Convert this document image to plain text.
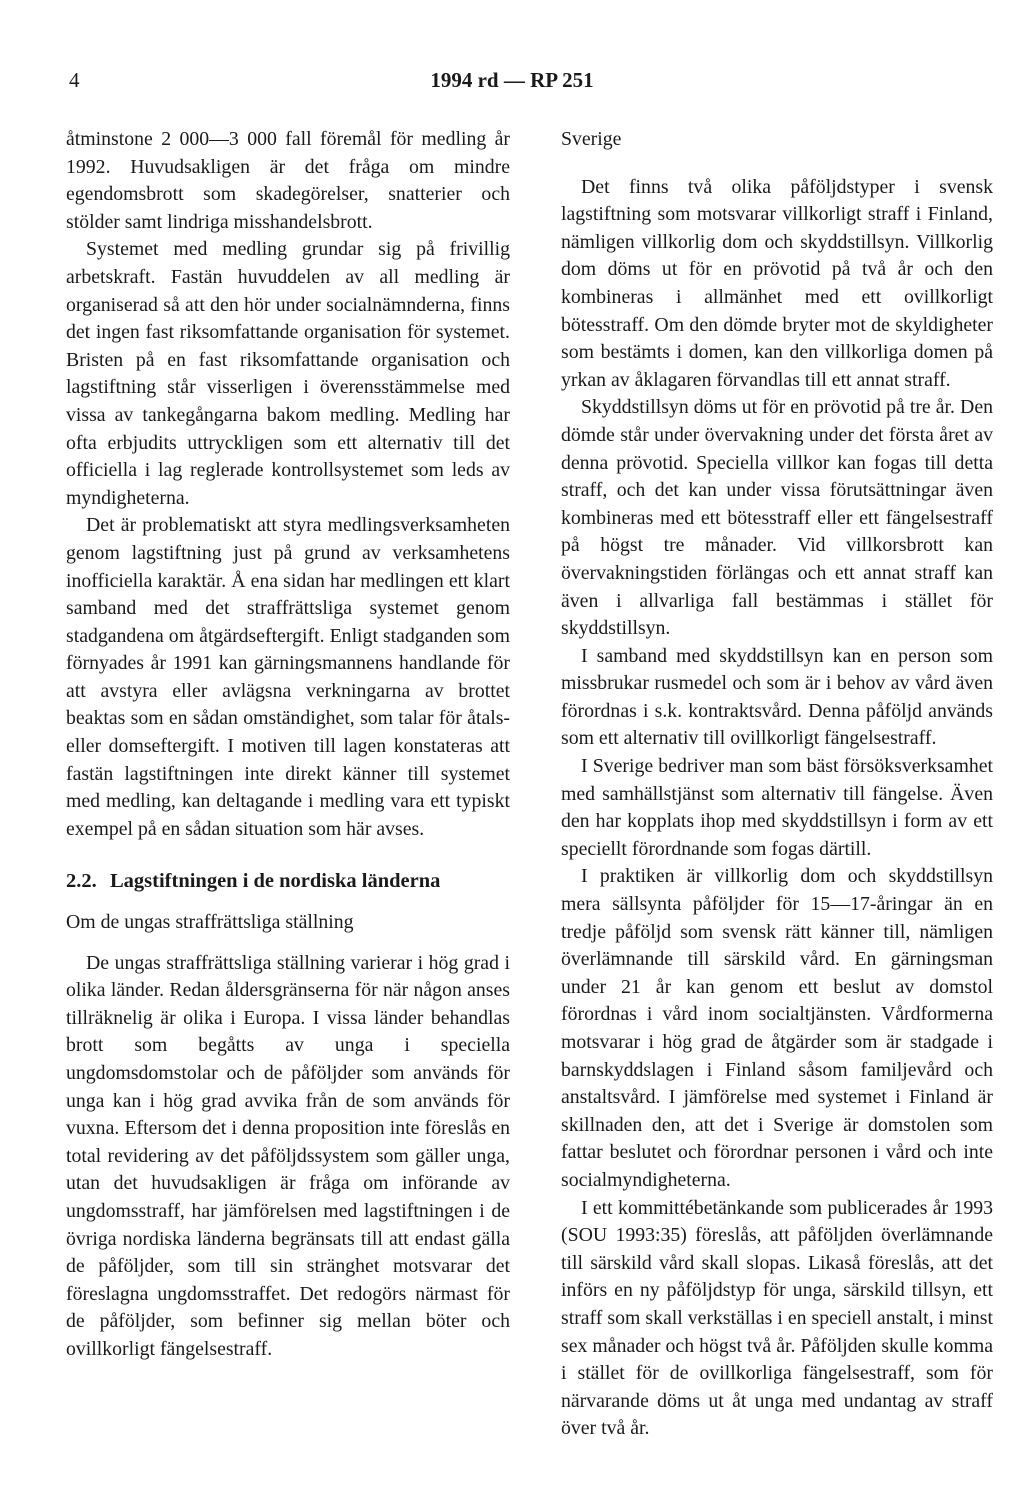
4	1994 rd — RP 251

åtminstone 2 000—3 000 fall föremål för medling år 1992. Huvudsakligen är det fråga om mindre egendomsbrott som skadegörelser, snatterier och stölder samt lindriga misshandelsbrott.

Systemet med medling grundar sig på frivillig arbetskraft. Fastän huvuddelen av all medling är organiserad så att den hör under socialnämnderna, finns det ingen fast riksomfattande organisation för systemet. Bristen på en fast riksomfattande organisation och lagstiftning står visserligen i överensstämmelse med vissa av tankegångarna bakom medling. Medling har ofta erbjudits uttryckligen som ett alternativ till det officiella i lag reglerade kontrollsystemet som leds av myndigheterna.

Det är problematiskt att styra medlingsverksamheten genom lagstiftning just på grund av verksamhetens inofficiella karaktär. Å ena sidan har medlingen ett klart samband med det straffrättsliga systemet genom stadgandena om åtgärdseftergift. Enligt stadganden som förnyades år 1991 kan gärningsmannens handlande för att avstyra eller avlägsna verkningarna av brottet beaktas som en sådan omständighet, som talar för åtals- eller domseftergift. I motiven till lagen konstateras att fastän lagstiftningen inte direkt känner till systemet med medling, kan deltagande i medling vara ett typiskt exempel på en sådan situation som här avses.

2.2. Lagstiftningen i de nordiska länderna
Om de ungas straffrättsliga ställning

De ungas straffrättsliga ställning varierar i hög grad i olika länder. Redan åldersgränserna för när någon anses tillräknelig är olika i Europa. I vissa länder behandlas brott som begåtts av unga i speciella ungdomsdomstolar och de påföljder som används för unga kan i hög grad avvika från de som används för vuxna. Eftersom det i denna proposition inte föreslås en total revidering av det påföljdssystem som gäller unga, utan det huvudsakligen är fråga om införande av ungdomsstraff, har jämförelsen med lagstiftningen i de övriga nordiska länderna begränsats till att endast gälla de påföljder, som till sin stränghet motsvarar det föreslagna ungdomsstraffet. Det redogörs närmast för de påföljder, som befinner sig mellan böter och ovillkorligt fängelsestraff.

Sverige

Det finns två olika påföljdstyper i svensk lagstiftning som motsvarar villkorligt straff i Finland, nämligen villkorlig dom och skyddstillsyn. Villkorlig dom döms ut för en prövotid på två år och den kombineras i allmänhet med ett ovillkorligt bötesstraff. Om den dömde bryter mot de skyldigheter som bestämts i domen, kan den villkorliga domen på yrkan av åklagaren förvandlas till ett annat straff.

Skyddstillsyn döms ut för en prövotid på tre år. Den dömde står under övervakning under det första året av denna prövotid. Speciella villkor kan fogas till detta straff, och det kan under vissa förutsättningar även kombineras med ett bötesstraff eller ett fängelsestraff på högst tre månader. Vid villkorsbrott kan övervakningstiden förlängas och ett annat straff kan även i allvarliga fall bestämmas i stället för skyddstillsyn.

I samband med skyddstillsyn kan en person som missbrukar rusmedel och som är i behov av vård även förordnas i s.k. kontraktsvård. Denna påföljd används som ett alternativ till ovillkorligt fängelsestraff.

I Sverige bedriver man som bäst försöksverksamhet med samhällstjänst som alternativ till fängelse. Även den har kopplats ihop med skyddstillsyn i form av ett speciellt förordnande som fogas därtill.

I praktiken är villkorlig dom och skyddstillsyn mera sällsynta påföljder för 15—17-åringar än en tredje påföljd som svensk rätt känner till, nämligen överlämnande till särskild vård. En gärningsman under 21 år kan genom ett beslut av domstol förordnas i vård inom socialtjänsten. Vårdformerna motsvarar i hög grad de åtgärder som är stadgade i barnskyddslagen i Finland såsom familjevård och anstaltsvård. I jämförelse med systemet i Finland är skillnaden den, att det i Sverige är domstolen som fattar beslutet och förordnar personen i vård och inte socialmyndigheterna.

I ett kommittébetänkande som publicerades år 1993 (SOU 1993:35) föreslås, att påföljden överlämnande till särskild vård skall slopas. Likaså föreslås, att det införs en ny påföljdstyp för unga, särskild tillsyn, ett straff som skall verkställas i en speciell anstalt, i minst sex månader och högst två år. Påföljden skulle komma i stället för de ovillkorliga fängelsestraff, som för närvarande döms ut åt unga med undantag av straff över två år.
